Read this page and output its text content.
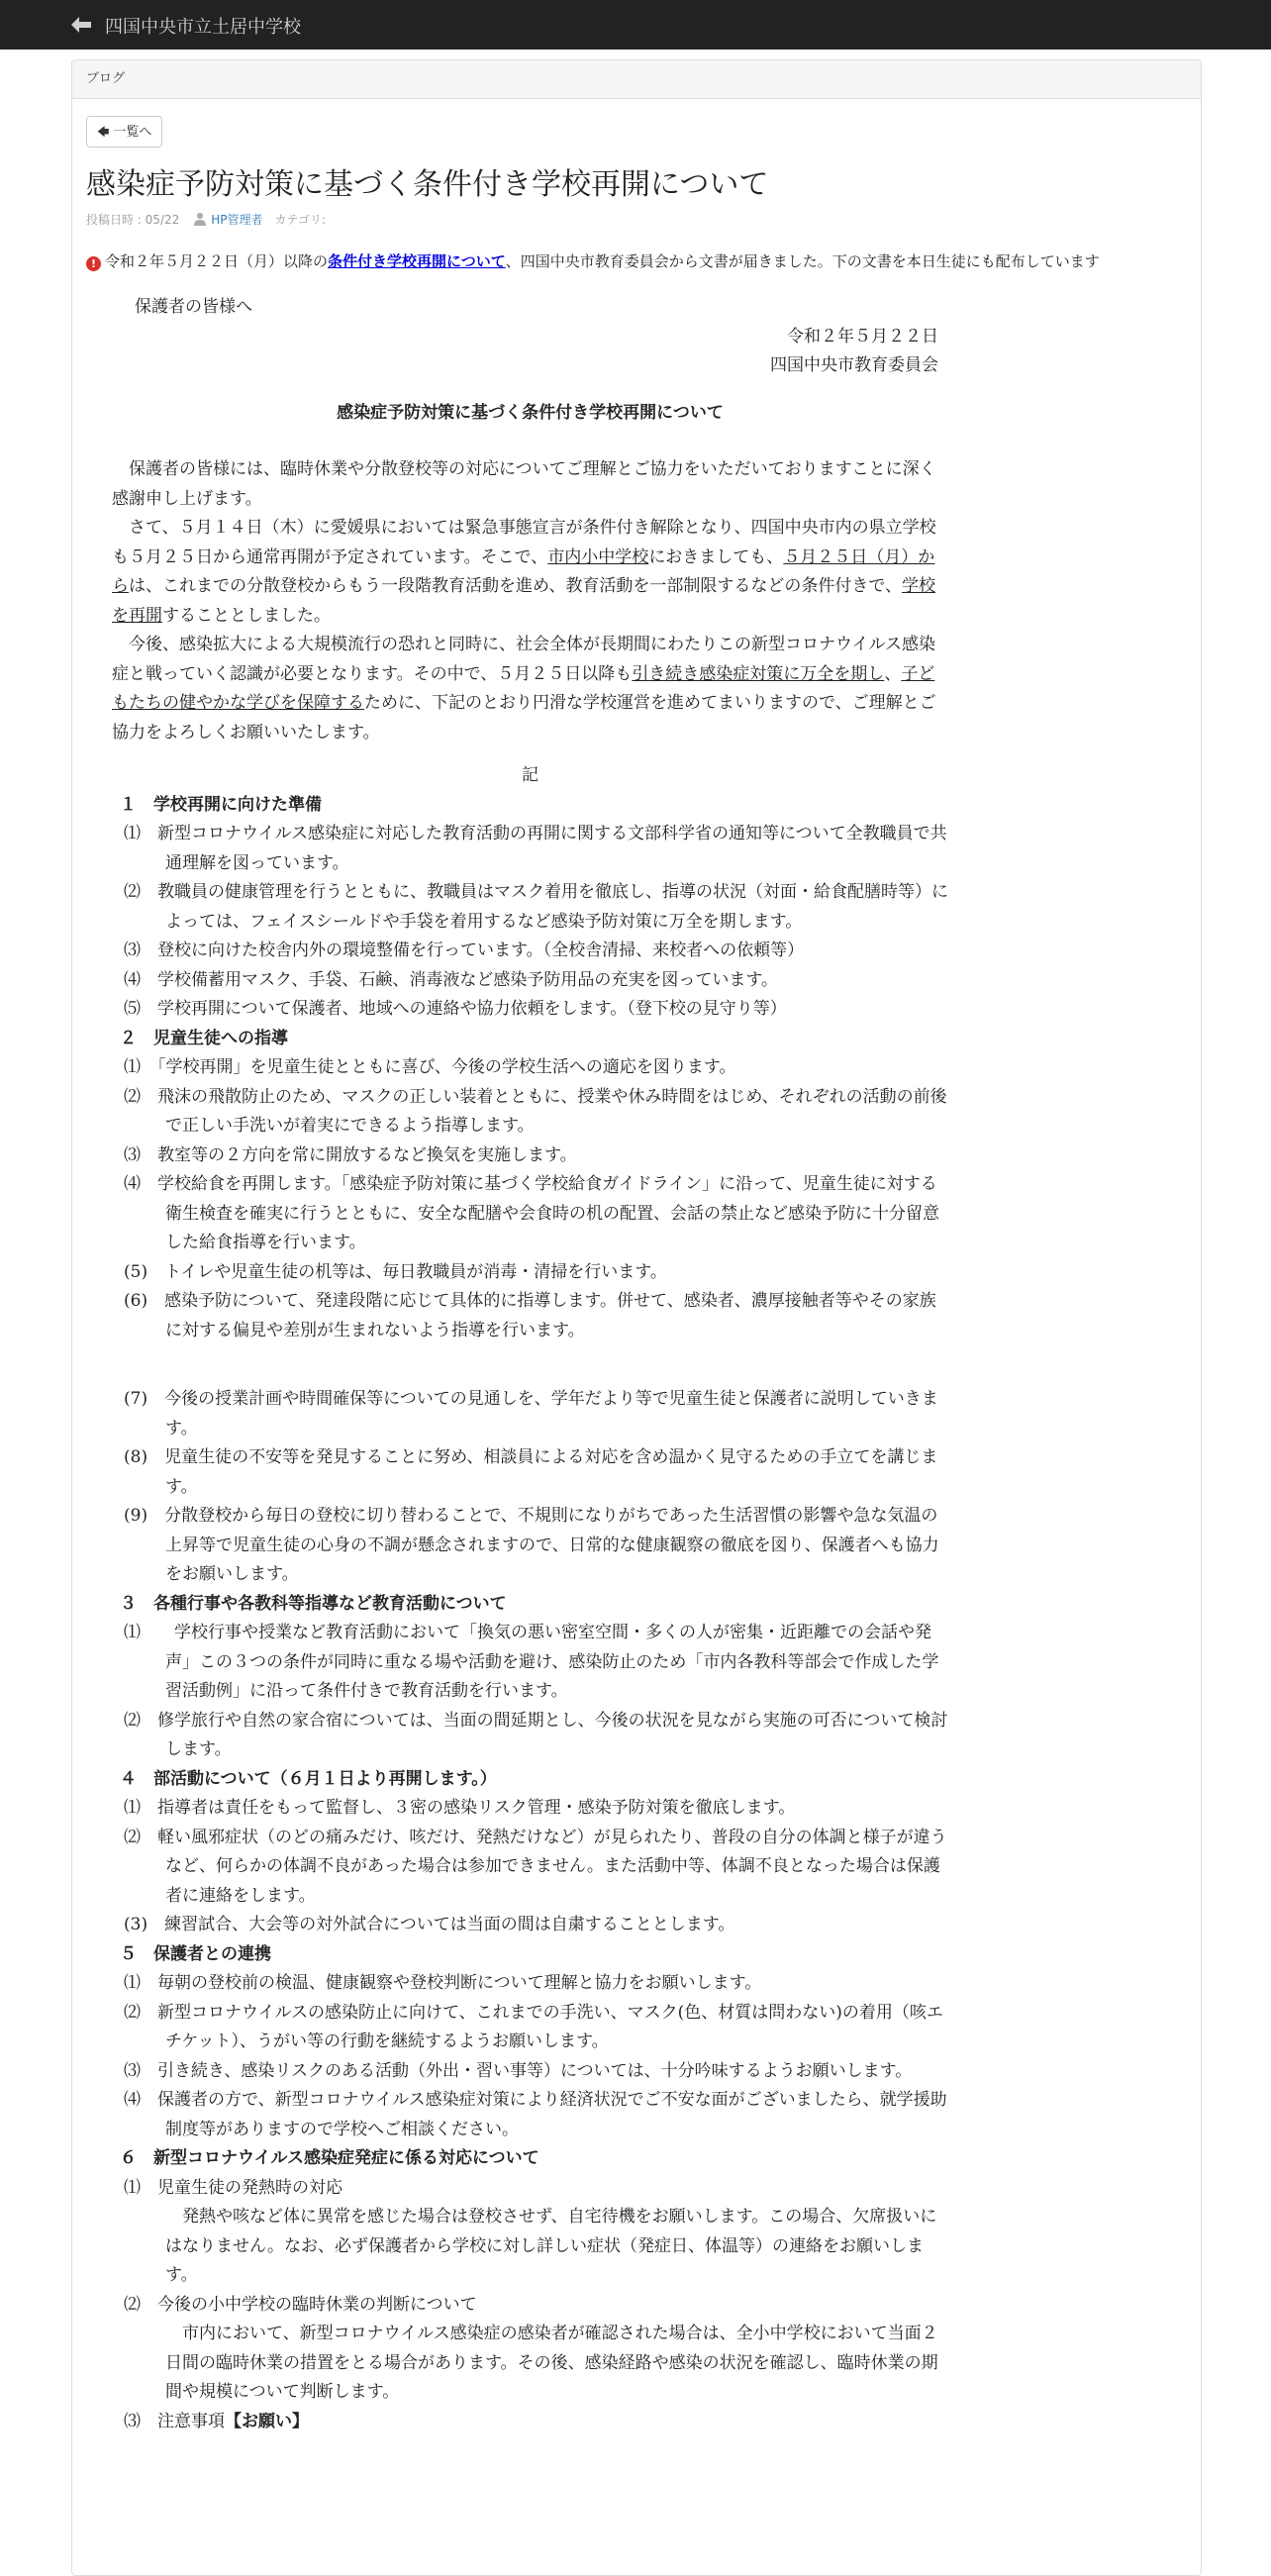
四国中央市立土居中学校
ブログ
🡄 一覧へ
感染症予防対策に基づく条件付き学校再開について
投稿日時 : 05/22	HP管理者 カテゴリ:
! 令和２年５月２２日（月）以降の条件付き学校再開について、四国中央市教育委員会から文書が届きました。下の文書を本日生徒にも配布しています

保護者の皆様へ

令和２年５月２２日

四国中央市教育委員会

感染症予防対策に基づく条件付き学校再開について

保護者の皆様には、臨時休業や分散登校等の対応についてご理解とご協力をいただいておりますことに深く感謝申し上げます。

さて、５月１４日（木）に愛媛県においては緊急事態宣言が条件付き解除となり、四国中央市内の県立学校も５月２５日から通常再開が予定されています。そこで、市内小中学校におきましても、５月２５日（月）からは、これまでの分散登校からもう一段階教育活動を進め、教育活動を一部制限するなどの条件付きで、学校を再開することとしました。

今後、感染拡大による大規模流行の恐れと同時に、社会全体が長期間にわたりこの新型コロナウイルス感染症と戦っていく認識が必要となります。その中で、５月２５日以降も引き続き感染症対策に万全を期し、子どもたちの健やかな学びを保障するために、下記のとおり円滑な学校運営を進めてまいりますので、ご理解とご協力をよろしくお願いいたします。

記

１　学校再開に向けた準備

⑴　新型コロナウイルス感染症に対応した教育活動の再開に関する文部科学省の通知等について全教職員で共通理解を図っています。

⑵　教職員の健康管理を行うとともに、教職員はマスク着用を徹底し、指導の状況（対面・給食配膳時等）によっては、フェイスシールドや手袋を着用するなど感染予防対策に万全を期します。

⑶　登校に向けた校舎内外の環境整備を行っています。（全校舎清掃、来校者への依頼等）

⑷　学校備蓄用マスク、手袋、石鹸、消毒液など感染予防用品の充実を図っています。

⑸　学校再開について保護者、地域への連絡や協力依頼をします。（登下校の見守り等）

２　児童生徒への指導

⑴　「学校再開」を児童生徒とともに喜び、今後の学校生活への適応を図ります。

⑵　飛沫の飛散防止のため、マスクの正しい装着とともに、授業や休み時間をはじめ、それぞれの活動の前後で正しい手洗いが着実にできるよう指導します。

⑶　教室等の２方向を常に開放するなど換気を実施します。

⑷　学校給食を再開します。「感染症予防対策に基づく学校給食ガイドライン」に沿って、児童生徒に対する衛生検査を確実に行うとともに、安全な配膳や会食時の机の配置、会話の禁止など感染予防に十分留意した給食指導を行います。

(5)　トイレや児童生徒の机等は、毎日教職員が消毒・清掃を行います。

(6)　感染予防について、発達段階に応じて具体的に指導します。併せて、感染者、濃厚接触者等やその家族に対する偏見や差別が生まれないよう指導を行います。

(7)　今後の授業計画や時間確保等についての見通しを、学年だより等で児童生徒と保護者に説明していきます。

(8)　児童生徒の不安等を発見することに努め、相談員による対応を含め温かく見守るための手立てを講じます。

(9)　分散登校から毎日の登校に切り替わることで、不規則になりがちであった生活習慣の影響や急な気温の上昇等で児童生徒の心身の不調が懸念されますので、日常的な健康観察の徹底を図り、保護者へも協力をお願いします。

３　各種行事や各教科等指導など教育活動について

⑴　　学校行事や授業など教育活動において「換気の悪い密室空間・多くの人が密集・近距離での会話や発声」この３つの条件が同時に重なる場や活動を避け、感染防止のため「市内各教科等部会で作成した学習活動例」に沿って条件付きで教育活動を行います。

⑵　修学旅行や自然の家合宿については、当面の間延期とし、今後の状況を見ながら実施の可否について検討します。

４　部活動について（６月１日より再開します。）

⑴　指導者は責任をもって監督し、３密の感染リスク管理・感染予防対策を徹底します。

⑵　軽い風邪症状（のどの痛みだけ、咳だけ、発熱だけなど）が見られたり、普段の自分の体調と様子が違うなど、何らかの体調不良があった場合は参加できません。また活動中等、体調不良となった場合は保護者に連絡をします。

(3)　練習試合、大会等の対外試合については当面の間は自粛することとします。

５　保護者との連携

⑴　毎朝の登校前の検温、健康観察や登校判断について理解と協力をお願いします。

⑵　新型コロナウイルスの感染防止に向けて、これまでの手洗い、マスク(色、材質は問わない)の着用（咳エチケット）、うがい等の行動を継続するようお願いします。

⑶　引き続き、感染リスクのある活動（外出・習い事等）については、十分吟味するようお願いします。

⑷　保護者の方で、新型コロナウイルス感染症対策により経済状況でご不安な面がございましたら、就学援助制度等がありますので学校へご相談ください。

６　新型コロナウイルス感染症発症に係る対応について

⑴　児童生徒の発熱時の対応

発熱や咳など体に異常を感じた場合は登校させず、自宅待機をお願いします。この場合、欠席扱いにはなりません。なお、必ず保護者から学校に対し詳しい症状（発症日、体温等）の連絡をお願いします。

⑵　今後の小中学校の臨時休業の判断について

市内において、新型コロナウイルス感染症の感染者が確認された場合は、全小中学校において当面２日間の臨時休業の措置をとる場合があります。その後、感染経路や感染の状況を確認し、臨時休業の期間や規模について判断します。

⑶　注意事項【お願い】
